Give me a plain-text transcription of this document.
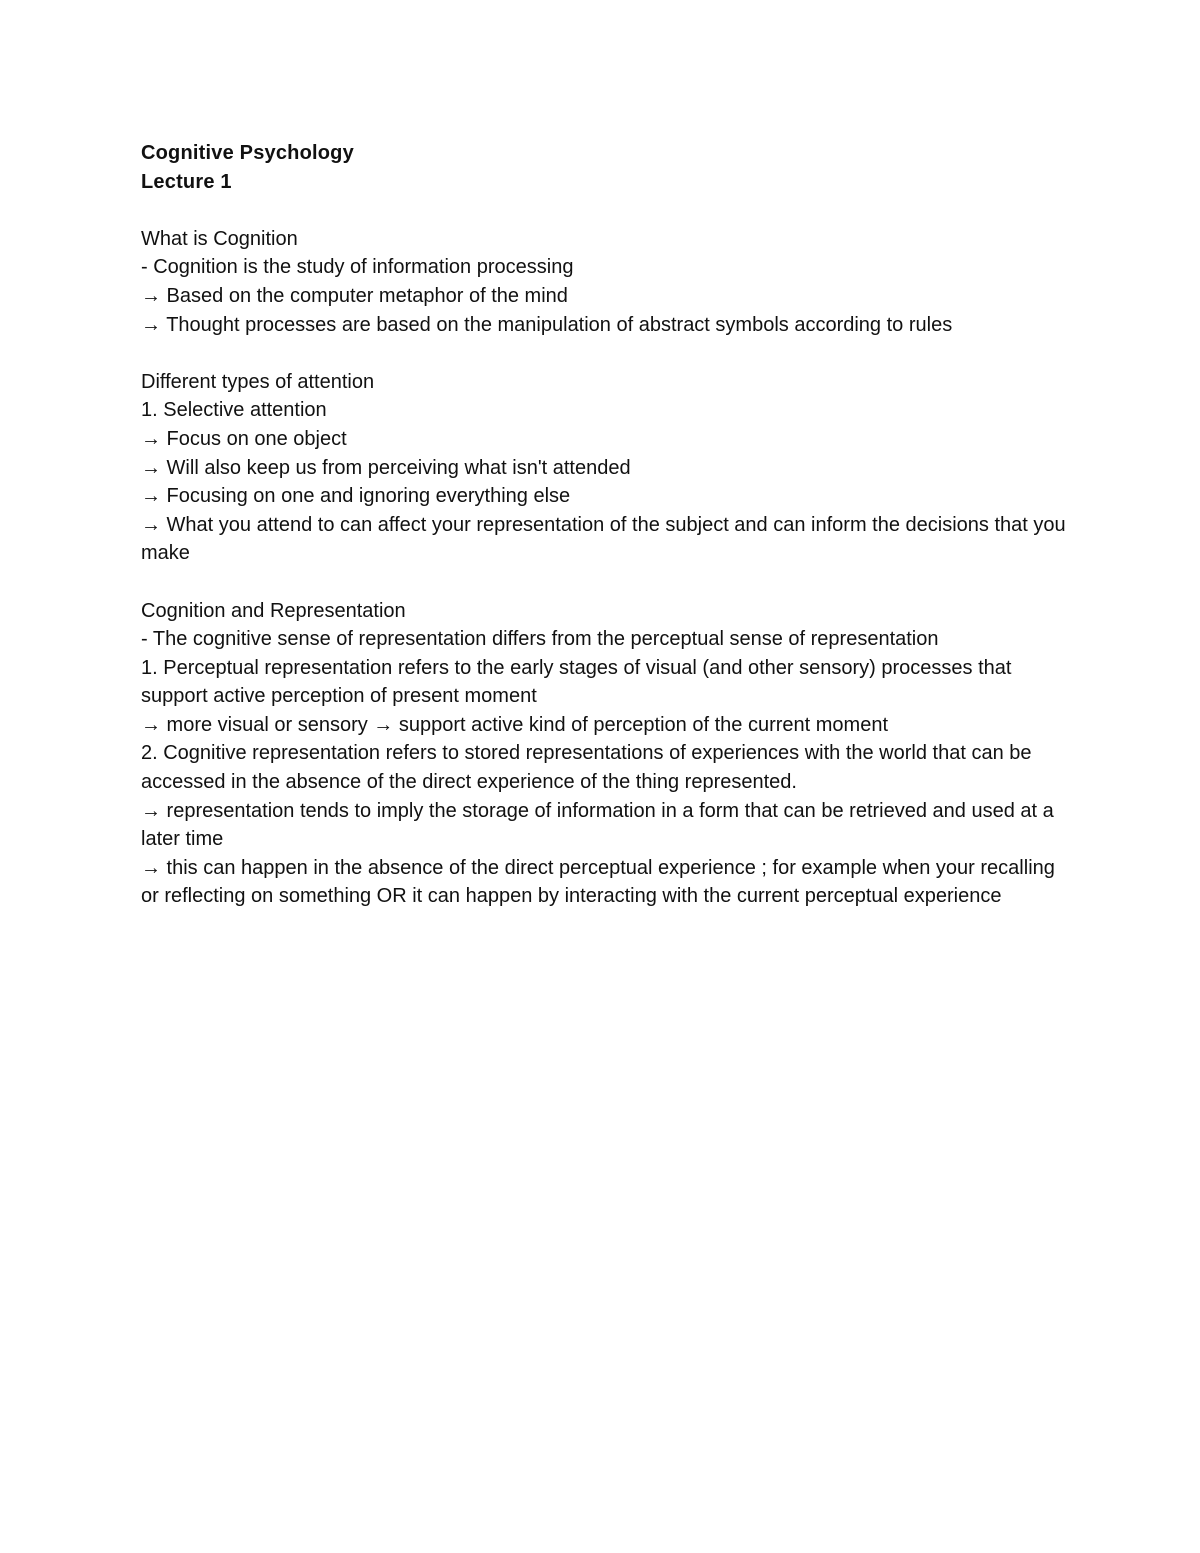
Cognitive Psychology
Lecture 1
What is Cognition
- Cognition is the study of information processing
→ Based on the computer metaphor of the mind
→ Thought processes are based on the manipulation of abstract symbols according to rules
Different types of attention
1. Selective attention
→ Focus on one object
→ Will also keep us from perceiving what isn't attended
→ Focusing on one and ignoring everything else
→ What you attend to can affect your representation of the subject and can inform the decisions that you make
Cognition and Representation
- The cognitive sense of representation differs from the perceptual sense of representation
1. Perceptual representation refers to the early stages of visual (and other sensory) processes that support active perception of present moment
→ more visual or sensory → support active kind of perception of the current moment
2. Cognitive representation refers to stored representations of experiences with the world that can be accessed in the absence of the direct experience of the thing represented.
→ representation tends to imply the storage of information in a form that can be retrieved and used at a later time
→ this can happen in the absence of the direct perceptual experience ; for example when your recalling or reflecting on something OR it can happen by interacting with the current perceptual experience
